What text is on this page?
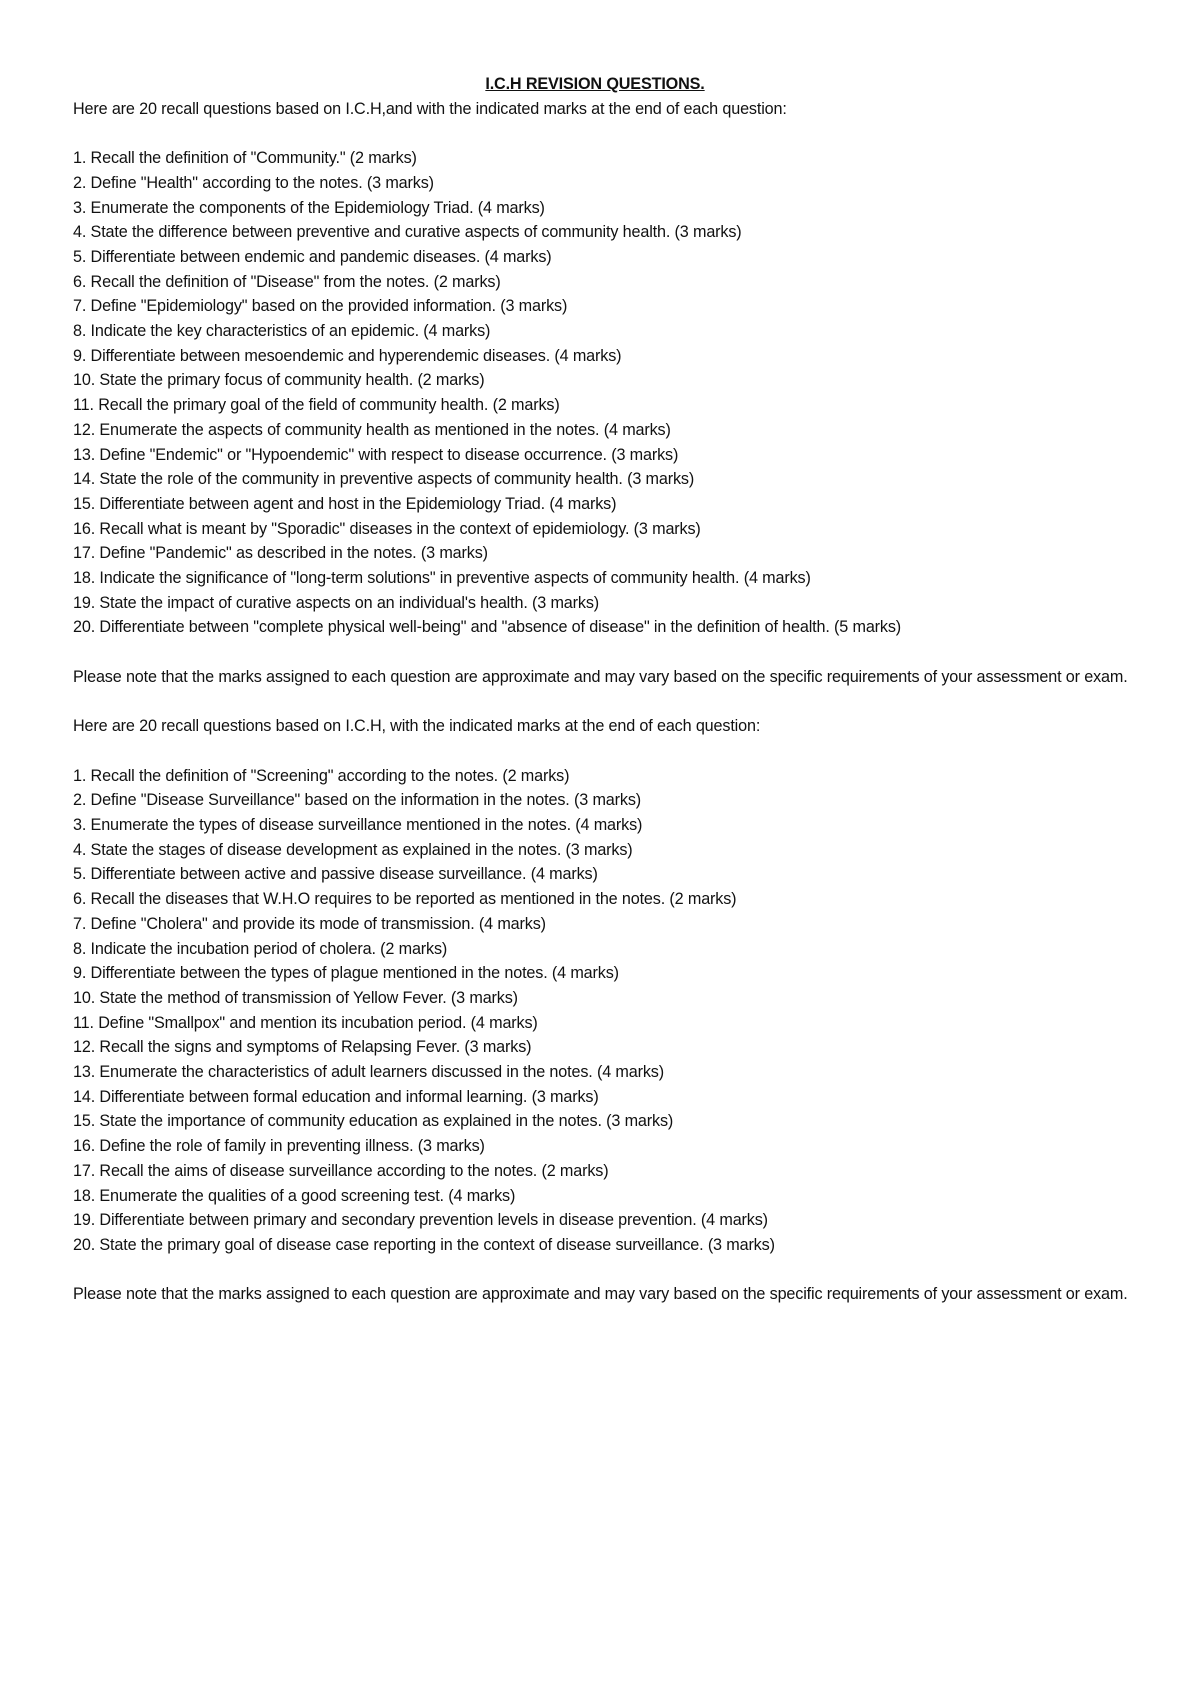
I.C.H REVISION QUESTIONS.
Here are 20 recall questions based on I.C.H,and with the indicated marks at the end of each question:
1. Recall the definition of "Community." (2 marks)
2. Define "Health" according to the notes. (3 marks)
3. Enumerate the components of the Epidemiology Triad. (4 marks)
4. State the difference between preventive and curative aspects of community health. (3 marks)
5. Differentiate between endemic and pandemic diseases. (4 marks)
6. Recall the definition of "Disease" from the notes. (2 marks)
7. Define "Epidemiology" based on the provided information. (3 marks)
8. Indicate the key characteristics of an epidemic. (4 marks)
9. Differentiate between mesoendemic and hyperendemic diseases. (4 marks)
10. State the primary focus of community health. (2 marks)
11. Recall the primary goal of the field of community health. (2 marks)
12. Enumerate the aspects of community health as mentioned in the notes. (4 marks)
13. Define "Endemic" or "Hypoendemic" with respect to disease occurrence. (3 marks)
14. State the role of the community in preventive aspects of community health. (3 marks)
15. Differentiate between agent and host in the Epidemiology Triad. (4 marks)
16. Recall what is meant by "Sporadic" diseases in the context of epidemiology. (3 marks)
17. Define "Pandemic" as described in the notes. (3 marks)
18. Indicate the significance of "long-term solutions" in preventive aspects of community health. (4 marks)
19. State the impact of curative aspects on an individual's health. (3 marks)
20. Differentiate between "complete physical well-being" and "absence of disease" in the definition of health. (5 marks)
Please note that the marks assigned to each question are approximate and may vary based on the specific requirements of your assessment or exam.
Here are 20 recall questions based on I.C.H, with the indicated marks at the end of each question:
1. Recall the definition of "Screening" according to the notes. (2 marks)
2. Define "Disease Surveillance" based on the information in the notes. (3 marks)
3. Enumerate the types of disease surveillance mentioned in the notes. (4 marks)
4. State the stages of disease development as explained in the notes. (3 marks)
5. Differentiate between active and passive disease surveillance. (4 marks)
6. Recall the diseases that W.H.O requires to be reported as mentioned in the notes. (2 marks)
7. Define "Cholera" and provide its mode of transmission. (4 marks)
8. Indicate the incubation period of cholera. (2 marks)
9. Differentiate between the types of plague mentioned in the notes. (4 marks)
10. State the method of transmission of Yellow Fever. (3 marks)
11. Define "Smallpox" and mention its incubation period. (4 marks)
12. Recall the signs and symptoms of Relapsing Fever. (3 marks)
13. Enumerate the characteristics of adult learners discussed in the notes. (4 marks)
14. Differentiate between formal education and informal learning. (3 marks)
15. State the importance of community education as explained in the notes. (3 marks)
16. Define the role of family in preventing illness. (3 marks)
17. Recall the aims of disease surveillance according to the notes. (2 marks)
18. Enumerate the qualities of a good screening test. (4 marks)
19. Differentiate between primary and secondary prevention levels in disease prevention. (4 marks)
20. State the primary goal of disease case reporting in the context of disease surveillance. (3 marks)
Please note that the marks assigned to each question are approximate and may vary based on the specific requirements of your assessment or exam.
